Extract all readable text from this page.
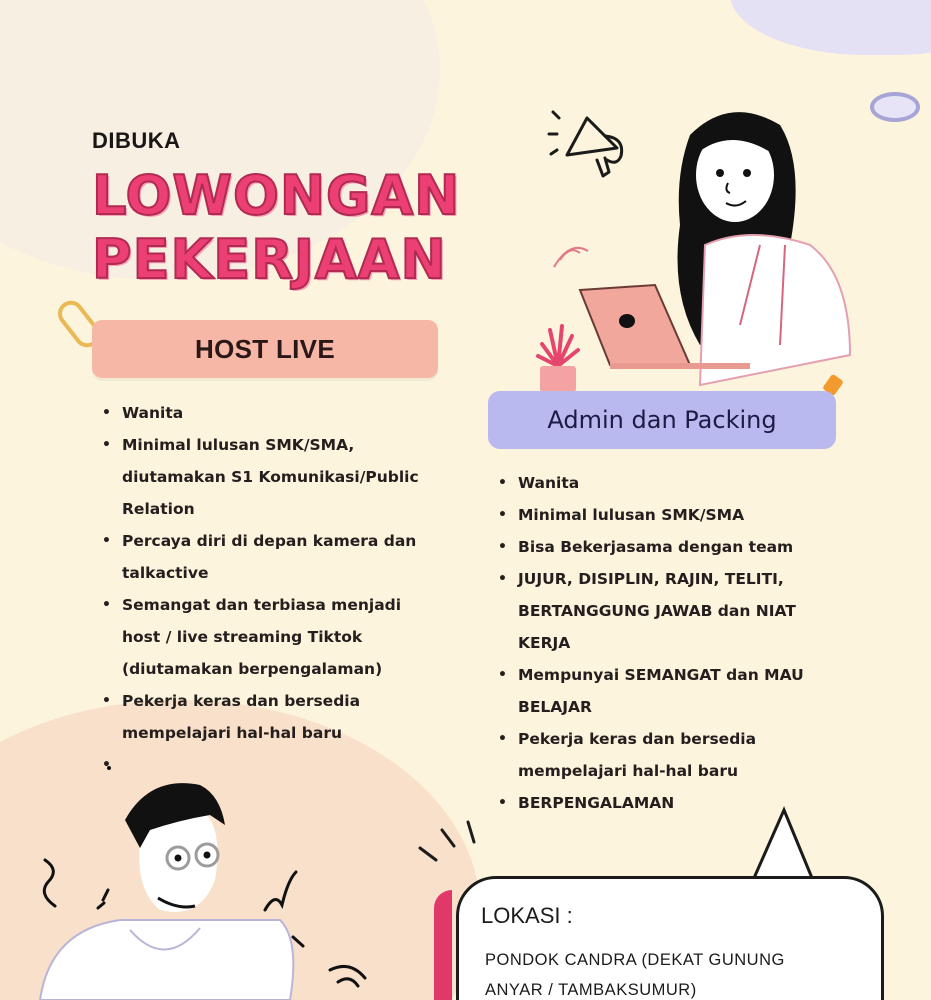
DIBUKA
LOWONGAN
PEKERJAAN
HOST LIVE
• Wanita
• Minimal lulusan SMK/SMA, diutamakan S1 Komunikasi/Public Relation
• Percaya diri di depan kamera dan talkactive
• Semangat dan terbiasa menjadi host / live streaming Tiktok (diutamakan berpengalaman)
• Pekerja keras dan bersedia mempelajari hal-hal baru
•
Admin dan Packing
• Wanita
• Minimal lulusan SMK/SMA
• Bisa Bekerjasama dengan team
• JUJUR, DISIPLIN, RAJIN, TELITI, BERTANGGUNG JAWAB dan NIAT KERJA
• Mempunyai SEMANGAT dan MAU BELAJAR
• Pekerja keras dan bersedia mempelajari hal-hal baru
• BERPENGALAMAN
LOKASI :
PONDOK CANDRA (DEKAT GUNUNG ANYAR / TAMBAKSUMUR)
